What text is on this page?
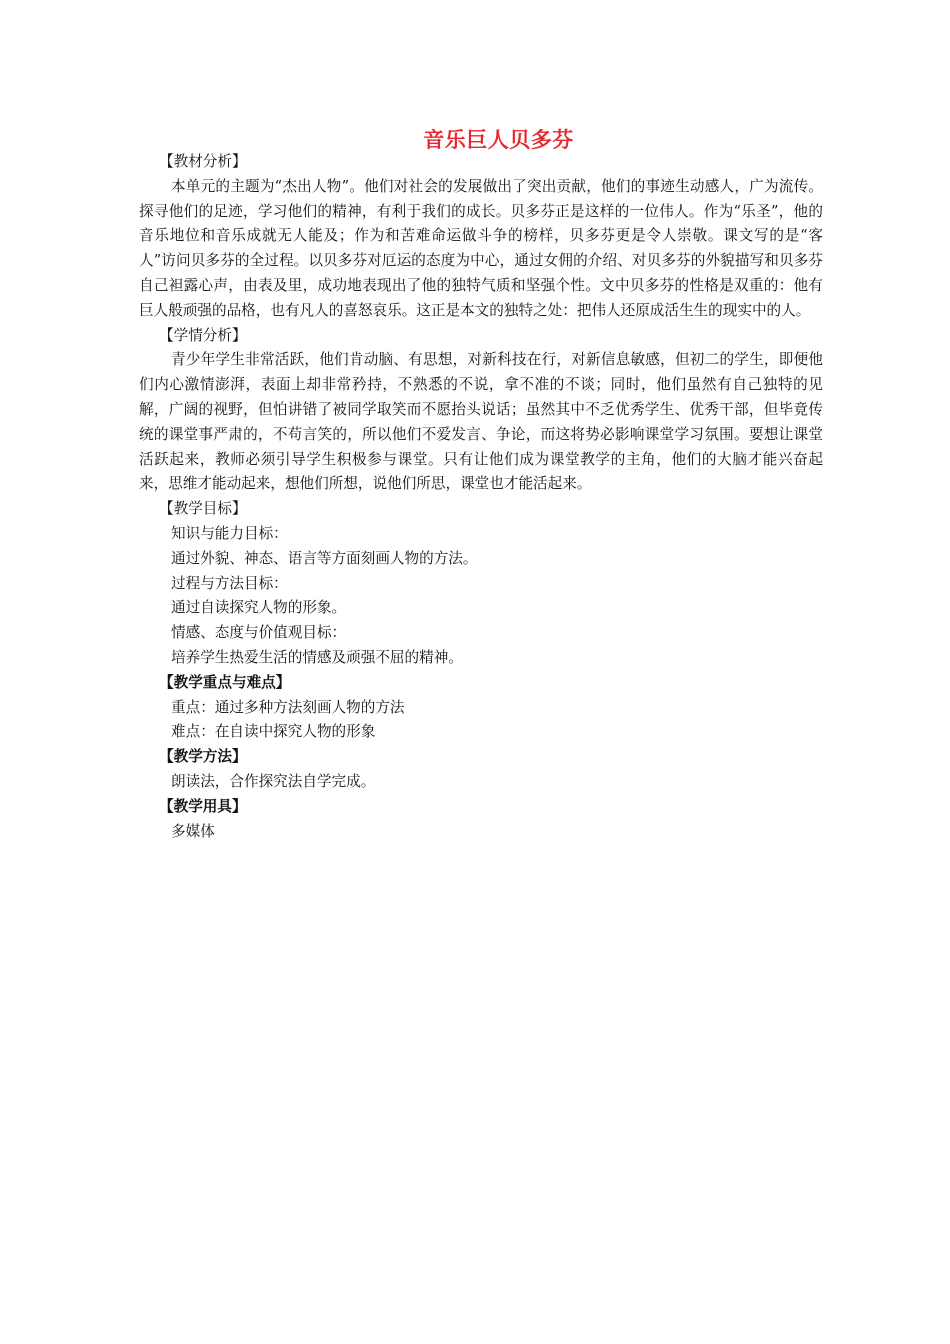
音乐巨人贝多芬

【教材分析】

本单元的主题为“杰出人物”。他们对社会的发展做出了突出贡献，他们的事迹生动感人，广为流传。探寻他们的足迹，学习他们的精神，有利于我们的成长。贝多芬正是这样的一位伟人。作为“乐圣”，他的音乐地位和音乐成就无人能及；作为和苦难命运做斗争的榜样，贝多芬更是令人崇敬。课文写的是“客人”访问贝多芬的全过程。以贝多芬对厄运的态度为中心，通过女佣的介绍、对贝多芬的外貌描写和贝多芬自己袒露心声，由表及里，成功地表现出了他的独特气质和坚强个性。文中贝多芬的性格是双重的：他有巨人般顽强的品格，也有凡人的喜怒哀乐。这正是本文的独特之处：把伟人还原成活生生的现实中的人。

【学情分析】

青少年学生非常活跃，他们肯动脑、有思想，对新科技在行，对新信息敏感，但初二的学生，即便他们内心激情澎湃，表面上却非常矜持，不熟悉的不说，拿不准的不谈；同时，他们虽然有自己独特的见解，广阔的视野，但怕讲错了被同学取笑而不愿抬头说话；虽然其中不乏优秀学生、优秀干部，但毕竟传统的课堂事严肃的，不苟言笑的，所以他们不爱发言、争论，而这将势必影响课堂学习氛围。要想让课堂活跃起来，教师必须引导学生积极参与课堂。只有让他们成为课堂教学的主角，他们的大脑才能兴奋起来，思维才能动起来，想他们所想，说他们所思，课堂也才能活起来。

【教学目标】

知识与能力目标：

通过外貌、神态、语言等方面刻画人物的方法。

过程与方法目标：

通过自读探究人物的形象。

情感、态度与价值观目标：

培养学生热爱生活的情感及顽强不屈的精神。

【教学重点与难点】

重点：通过多种方法刻画人物的方法

难点：在自读中探究人物的形象

【教学方法】

朗读法，合作探究法自学完成。

【教学用具】

多媒体
